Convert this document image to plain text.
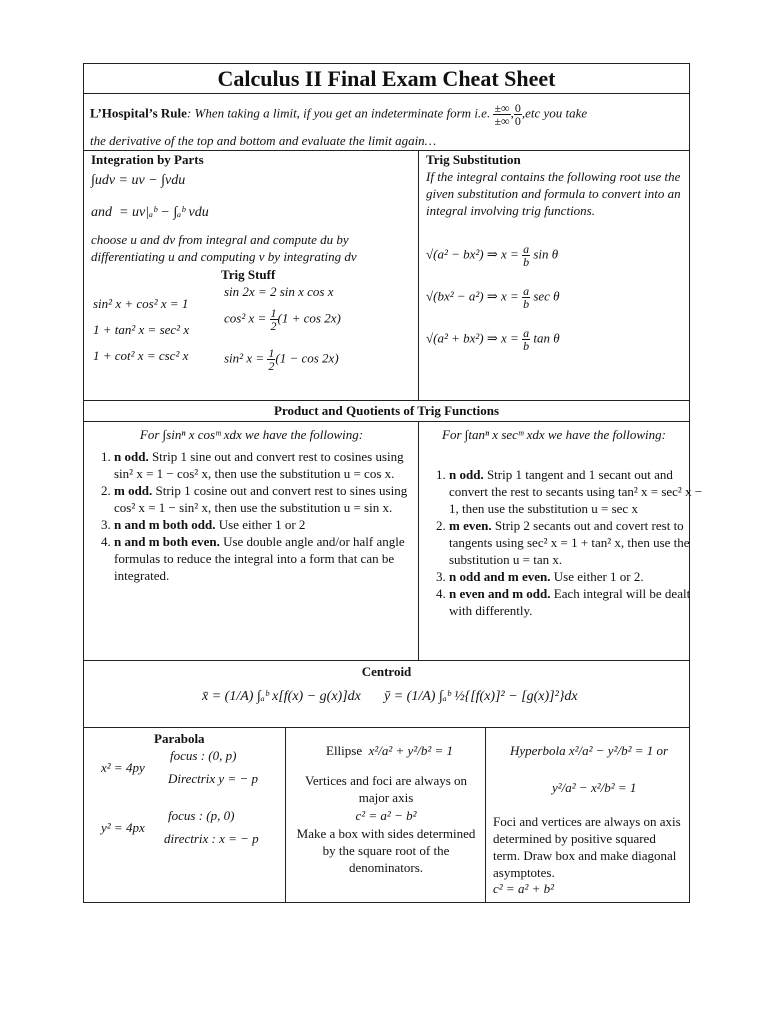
Calculus II Final Exam Cheat Sheet
L’Hospital’s Rule: When taking a limit, if you get an indeterminate form i.e. $\frac{\pm\infty}{\pm\infty}$ , $\frac{0}{0} ,etc$ you take
the derivative of the top and bottom and evaluate the limit again…
Integration by Parts
∫udv = uv − ∫vdu
and = uv|ₐᵇ − ∫ₐᵇ vdu
choose u and dv from integral and compute du by differentiating u and computing v by integrating dv
Trig Stuff
sin² x + cos² x = 1
1 + tan² x = sec² x
1 + cot² x = csc² x
sin 2x = 2 sin x cos x
cos² $x = \frac{1}{2} (1 + \cos 2x)$
sin² $x = \frac{1}{2} (1 - \cos 2x)$
Trig Substitution
If the integral contains the following root use the given substitution and formula to convert into an integral involving trig functions.
√(a² − bx²) ⇒ $x = \frac{a}{b}$ sin θ
√(bx² − a²) ⇒ $x = \frac{a}{b}$ sec θ
√(a² + bx²) ⇒ $x = \frac{a}{b}$ tan θ
Product and Quotients of Trig Functions
For ∫sinⁿ x cosᵐ xdx we have the following:
1. n odd. Strip 1 sine out and convert rest to cosines using sin² x = 1 − cos² x, then use the substitution u = cos x.
2. m odd. Strip 1 cosine out and convert rest to sines using cos² x = 1 − sin² x, then use the substitution u = sin x.
3. n and m both odd. Use either 1 or 2
4. n and m both even. Use double angle and/or half angle formulas to reduce the integral into a form that can be integrated.
For ∫tanⁿ x secᵐ xdx we have the following:
1. n odd. Strip 1 tangent and 1 secant out and convert the rest to secants using tan² x = sec² x − 1, then use the substitution u = sec x
2. m even. Strip 2 secants out and covert rest to tangents using sec² x = 1 + tan² x, then use the substitution u = tan x.
3. n odd and m even. Use either 1 or 2.
4. n even and m odd. Each integral will be dealt with differently.
Centroid
x̄ = (1/A) ∫ₐᵇ x[f(x) − g(x)]dx ȳ = (1/A) ∫ₐᵇ ½{[f(x)]² − [g(x)]²}dx
Parabola
x² = 4py
focus : (0, p)
Directrix y = − p
y² = 4px
focus : (p, 0)
directrix : x = − p
Ellipse x²/a² + y²/b² = 1
Vertices and foci are always on major axis
c² = a² − b²
Make a box with sides determined by the square root of the denominators.
Hyperbola x²/a² − y²/b² = 1 or
y²/a² − x²/b² = 1
Foci and vertices are always on axis determined by positive squared term. Draw box and make diagonal asymptotes.
c² = a² + b²
